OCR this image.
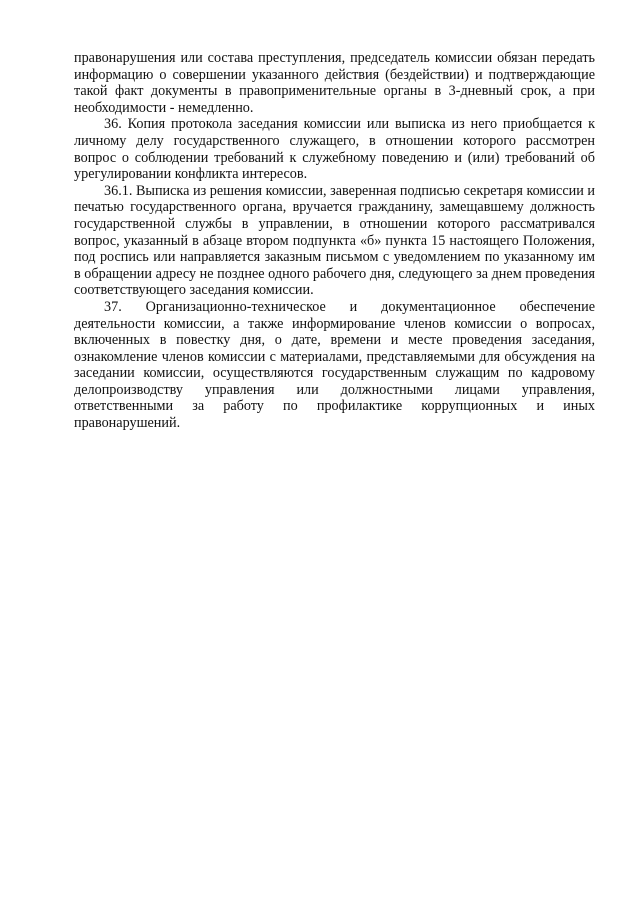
правонарушения или состава преступления, председатель комиссии обязан передать информацию о совершении указанного действия (бездействии) и подтверждающие такой факт документы в правоприменительные органы в 3-дневный срок, а при необходимости - немедленно.

36. Копия протокола заседания комиссии или выписка из него приобщается к личному делу государственного служащего, в отношении которого рассмотрен вопрос о соблюдении требований к служебному поведению и (или) требований об урегулировании конфликта интересов.

36.1. Выписка из решения комиссии, заверенная подписью секретаря комиссии и печатью государственного органа, вручается гражданину, замещавшему должность государственной службы в управлении, в отношении которого рассматривался вопрос, указанный в абзаце втором подпункта «б» пункта 15 настоящего Положения, под роспись или направляется заказным письмом с уведомлением по указанному им в обращении адресу не позднее одного рабочего дня, следующего за днем проведения соответствующего заседания комиссии.

37. Организационно-техническое и документационное обеспечение деятельности комиссии, а также информирование членов комиссии о вопросах, включенных в повестку дня, о дате, времени и месте проведения заседания, ознакомление членов комиссии с материалами, представляемыми для обсуждения на заседании комиссии, осуществляются государственным служащим по кадровому делопроизводству управления или должностными лицами управления, ответственными за работу по профилактике коррупционных и иных правонарушений.
